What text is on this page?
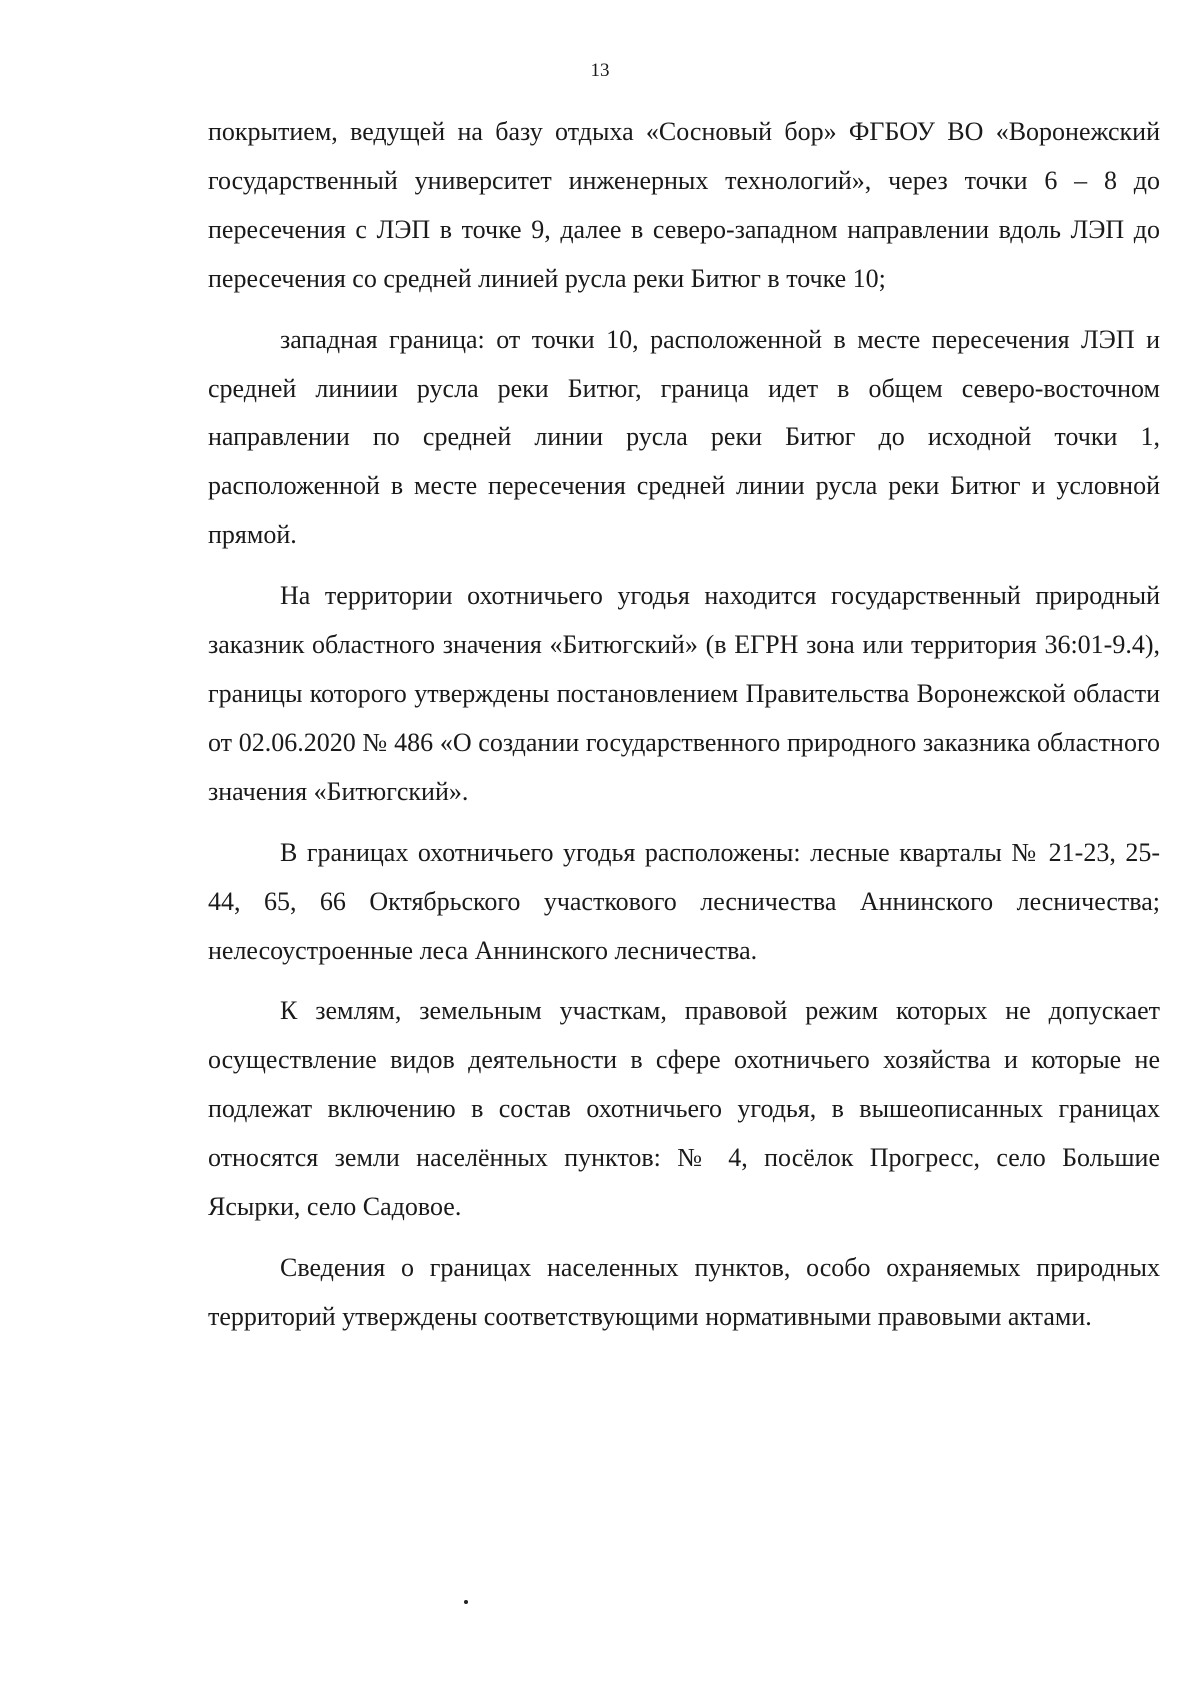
13

покрытием, ведущей на базу отдыха «Сосновый бор» ФГБОУ ВО «Воронежский государственный университет инженерных технологий», через точки 6 – 8 до пересечения с ЛЭП в точке 9, далее в северо-западном направлении вдоль ЛЭП до пересечения со средней линией русла реки Битюг в точке 10;

западная граница: от точки 10, расположенной в месте пересечения ЛЭП и средней линиии русла реки Битюг, граница идет в общем северо-восточном направлении по средней линии русла реки Битюг до исходной точки 1, расположенной в месте пересечения средней линии русла реки Битюг и условной прямой.

На территории охотничьего угодья находится государственный природный заказник областного значения «Битюгский» (в ЕГРН зона или территория 36:01-9.4), границы которого утверждены постановлением Правительства Воронежской области от 02.06.2020 № 486 «О создании государственного природного заказника областного значения «Битюгский».

В границах охотничьего угодья расположены: лесные кварталы № 21-23, 25-44, 65, 66 Октябрьского участкового лесничества Аннинского лесничества; нелесоустроенные леса Аннинского лесничества.

К землям, земельным участкам, правовой режим которых не допускает осуществление видов деятельности в сфере охотничьего хозяйства и которые не подлежат включению в состав охотничьего угодья, в вышеописанных границах относятся земли населённых пунктов: № 4, посёлок Прогресс, село Большие Ясырки, село Садовое.

Сведения о границах населенных пунктов, особо охраняемых природных территорий утверждены соответствующими нормативными правовыми актами.
